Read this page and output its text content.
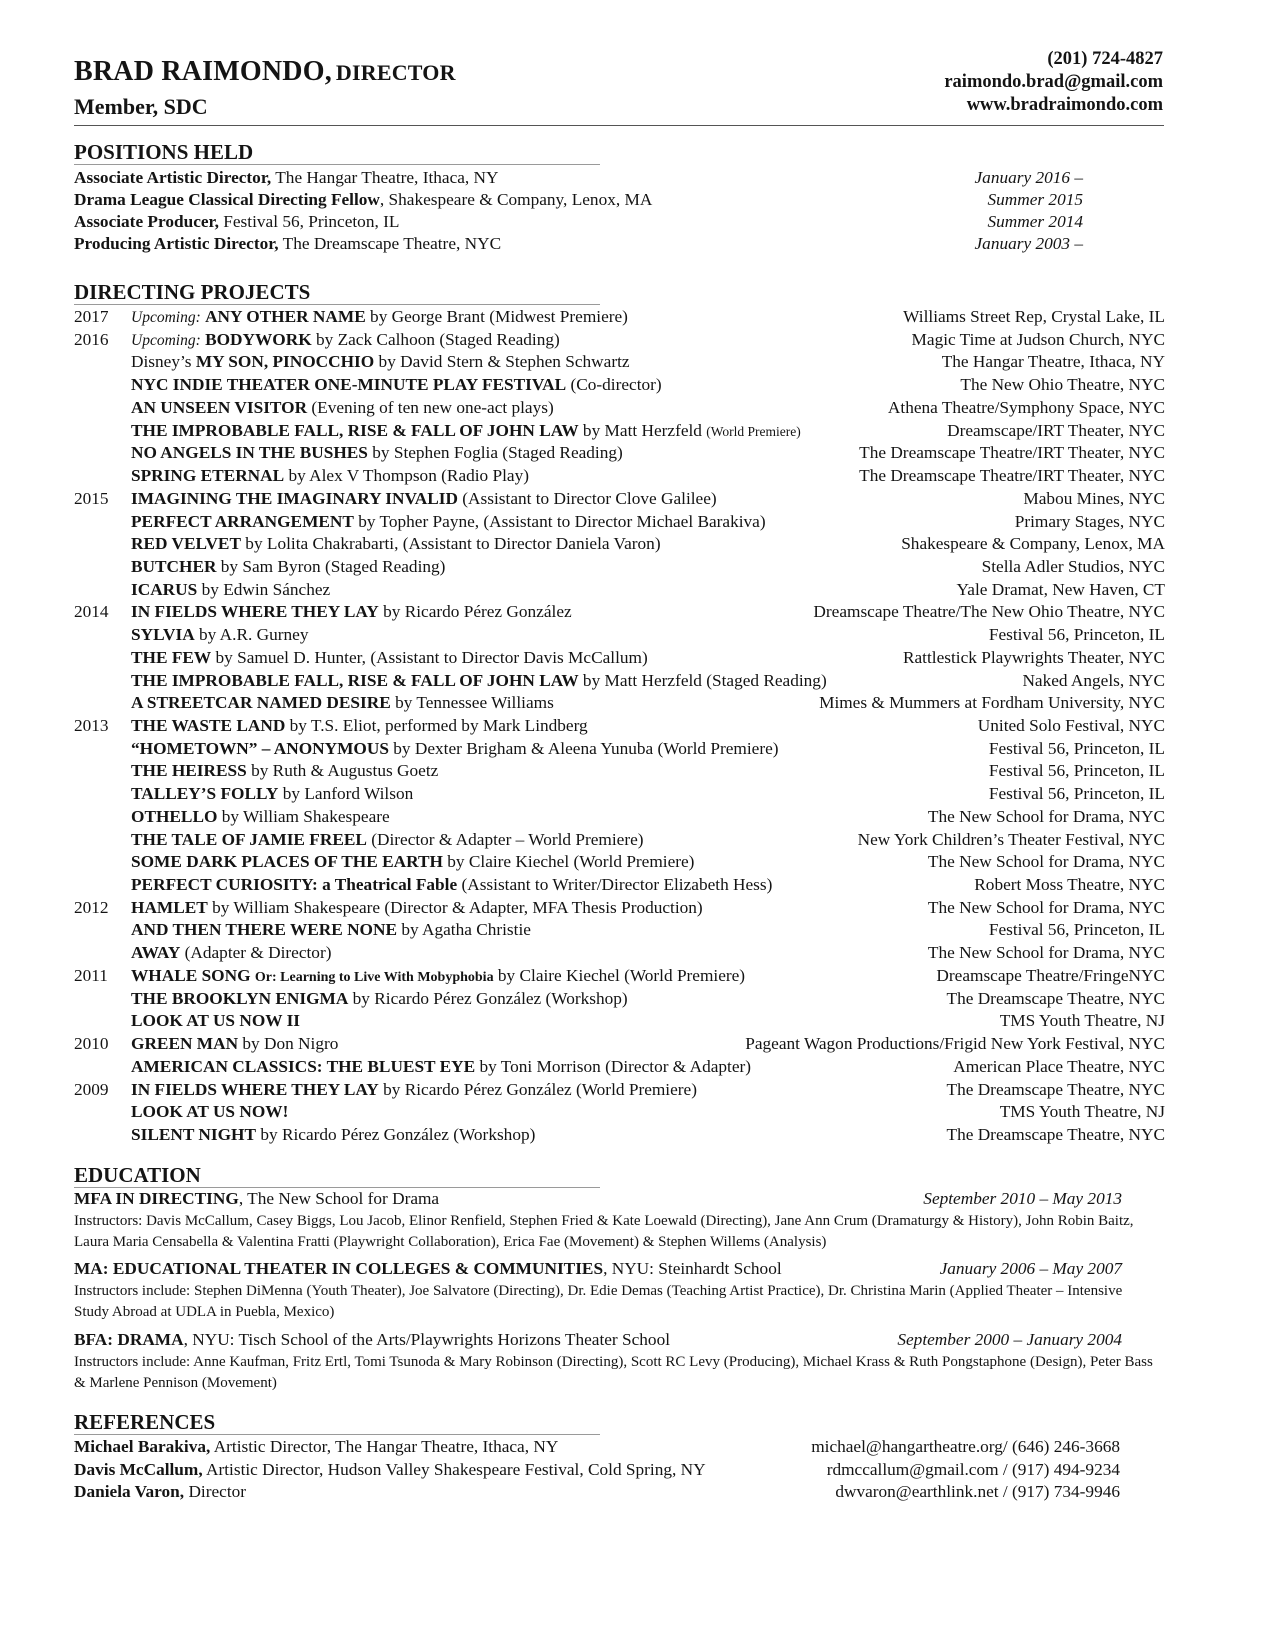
BRAD RAIMONDO, DIRECTOR
Member, SDC
(201) 724-4827
raimondo.brad@gmail.com
www.bradraimondo.com
POSITIONS HELD
Associate Artistic Director, The Hangar Theatre, Ithaca, NY	January 2016 –
Drama League Classical Directing Fellow, Shakespeare & Company, Lenox, MA	Summer 2015
Associate Producer, Festival 56, Princeton, IL	Summer 2014
Producing Artistic Director, The Dreamscape Theatre, NYC	January 2003 –
DIRECTING PROJECTS
2017 Upcoming: ANY OTHER NAME by George Brant (Midwest Premiere)	Williams Street Rep, Crystal Lake, IL
2016 Upcoming: BODYWORK by Zack Calhoon (Staged Reading)	Magic Time at Judson Church, NYC
Disney’s MY SON, PINOCCHIO by David Stern & Stephen Schwartz	The Hangar Theatre, Ithaca, NY
NYC INDIE THEATER ONE-MINUTE PLAY FESTIVAL (Co-director)	The New Ohio Theatre, NYC
AN UNSEEN VISITOR (Evening of ten new one-act plays)	Athena Theatre/Symphony Space, NYC
THE IMPROBABLE FALL, RISE & FALL OF JOHN LAW by Matt Herzfeld (World Premiere)	Dreamscape/IRT Theater, NYC
NO ANGELS IN THE BUSHES by Stephen Foglia (Staged Reading)	The Dreamscape Theatre/IRT Theater, NYC
SPRING ETERNAL by Alex V Thompson (Radio Play)	The Dreamscape Theatre/IRT Theater, NYC
2015 IMAGINING THE IMAGINARY INVALID (Assistant to Director Clove Galilee)	Mabou Mines, NYC
PERFECT ARRANGEMENT by Topher Payne, (Assistant to Director Michael Barakiva)	Primary Stages, NYC
RED VELVET by Lolita Chakrabarti, (Assistant to Director Daniela Varon)	Shakespeare & Company, Lenox, MA
BUTCHER by Sam Byron (Staged Reading)	Stella Adler Studios, NYC
ICARUS by Edwin Sánchez	Yale Dramat, New Haven, CT
2014 IN FIELDS WHERE THEY LAY by Ricardo Pérez González	Dreamscape Theatre/The New Ohio Theatre, NYC
SYLVIA by A.R. Gurney	Festival 56, Princeton, IL
THE FEW by Samuel D. Hunter, (Assistant to Director Davis McCallum)	Rattlestick Playwrights Theater, NYC
THE IMPROBABLE FALL, RISE & FALL OF JOHN LAW by Matt Herzfeld (Staged Reading)	Naked Angels, NYC
A STREETCAR NAMED DESIRE by Tennessee Williams	Mimes & Mummers at Fordham University, NYC
2013 THE WASTE LAND by T.S. Eliot, performed by Mark Lindberg	United Solo Festival, NYC
“HOMETOWN” – ANONYMOUS by Dexter Brigham & Aleena Yunuba (World Premiere)	Festival 56, Princeton, IL
THE HEIRESS by Ruth & Augustus Goetz	Festival 56, Princeton, IL
TALLEY’S FOLLY by Lanford Wilson	Festival 56, Princeton, IL
OTHELLO by William Shakespeare	The New School for Drama, NYC
THE TALE OF JAMIE FREEL (Director & Adapter – World Premiere)	New York Children’s Theater Festival, NYC
SOME DARK PLACES OF THE EARTH by Claire Kiechel (World Premiere)	The New School for Drama, NYC
PERFECT CURIOSITY: a Theatrical Fable (Assistant to Writer/Director Elizabeth Hess)	Robert Moss Theatre, NYC
2012 HAMLET by William Shakespeare (Director & Adapter, MFA Thesis Production)	The New School for Drama, NYC
AND THEN THERE WERE NONE by Agatha Christie	Festival 56, Princeton, IL
AWAY (Adapter & Director)	The New School for Drama, NYC
2011 WHALE SONG Or: Learning to Live With Mobyphobia by Claire Kiechel (World Premiere)	Dreamscape Theatre/FringeNYC
THE BROOKLYN ENIGMA by Ricardo Pérez González (Workshop)	The Dreamscape Theatre, NYC
LOOK AT US NOW II	TMS Youth Theatre, NJ
2010 GREEN MAN by Don Nigro	Pageant Wagon Productions/Frigid New York Festival, NYC
AMERICAN CLASSICS: THE BLUEST EYE by Toni Morrison (Director & Adapter)	American Place Theatre, NYC
2009 IN FIELDS WHERE THEY LAY by Ricardo Pérez González (World Premiere)	The Dreamscape Theatre, NYC
LOOK AT US NOW!	TMS Youth Theatre, NJ
SILENT NIGHT by Ricardo Pérez González (Workshop)	The Dreamscape Theatre, NYC
EDUCATION
MFA IN DIRECTING, The New School for Drama	September 2010 – May 2013
Instructors: Davis McCallum, Casey Biggs, Lou Jacob, Elinor Renfield, Stephen Fried & Kate Loewald (Directing), Jane Ann Crum (Dramaturgy & History), John Robin Baitz, Laura Maria Censabella & Valentina Fratti (Playwright Collaboration), Erica Fae (Movement) & Stephen Willems (Analysis)
MA: EDUCATIONAL THEATER IN COLLEGES & COMMUNITIES, NYU: Steinhardt School	January 2006 – May 2007
Instructors include: Stephen DiMenna (Youth Theater), Joe Salvatore (Directing), Dr. Edie Demas (Teaching Artist Practice), Dr. Christina Marin (Applied Theater – Intensive Study Abroad at UDLA in Puebla, Mexico)
BFA: DRAMA, NYU: Tisch School of the Arts/Playwrights Horizons Theater School	September 2000 – January 2004
Instructors include: Anne Kaufman, Fritz Ertl, Tomi Tsunoda & Mary Robinson (Directing), Scott RC Levy (Producing), Michael Krass & Ruth Pongstaphone (Design), Peter Bass & Marlene Pennison (Movement)
REFERENCES
Michael Barakiva, Artistic Director, The Hangar Theatre, Ithaca, NY	michael@hangartheatre.org/ (646) 246-3668
Davis McCallum, Artistic Director, Hudson Valley Shakespeare Festival, Cold Spring, NY	rdmccallum@gmail.com / (917) 494-9234
Daniela Varon, Director	dwvaron@earthlink.net / (917) 734-9946
